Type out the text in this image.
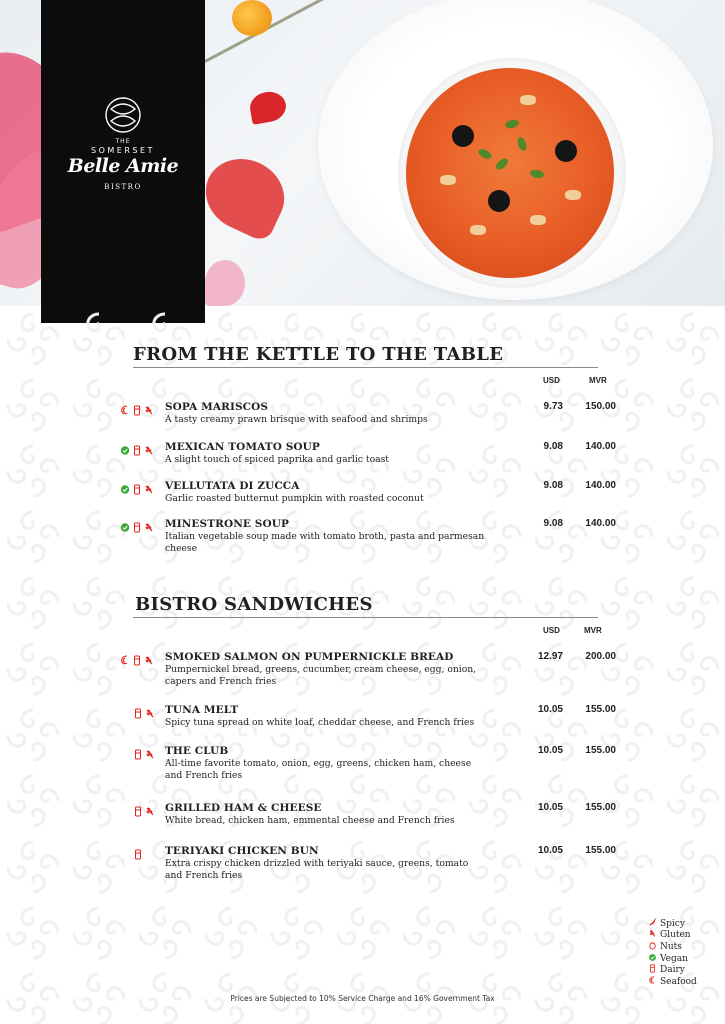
THE
SOMERSET
Belle Amie
BISTRO
FROM THE KETTLE TO THE TABLE
USD	MVR
SOPA MARISCOS
A tasty creamy prawn brisque with seafood and shrimps
9.73	150.00
MEXICAN TOMATO SOUP
A slight touch of spiced paprika and garlic toast
9.08	140.00
VELLUTATA DI ZUCCA
Garlic roasted butternut pumpkin with roasted coconut
9.08	140.00
MINESTRONE SOUP
Italian vegetable soup made with tomato broth, pasta and parmesan cheese
9.08	140.00
BISTRO SANDWICHES
USD	MVR
SMOKED SALMON ON PUMPERNICKLE BREAD
Pumpernickel bread, greens, cucumber, cream cheese, egg, onion, capers and French fries
12.97	200.00
TUNA MELT
Spicy tuna spread on white loaf, cheddar cheese, and French fries
10.05	155.00
THE CLUB
All-time favorite tomato, onion, egg, greens, chicken ham, cheese and French fries
10.05	155.00
GRILLED HAM & CHEESE
White bread, chicken ham, emmental cheese and French fries
10.05	155.00
TERIYAKI CHICKEN BUN
Extra crispy chicken drizzled with teriyaki sauce, greens, tomato and French fries
10.05	155.00
Spicy
Gluten
Nuts
Vegan
Dairy
Seafood
Prices are Subjected to 10% Service Charge and 16% Government Tax
